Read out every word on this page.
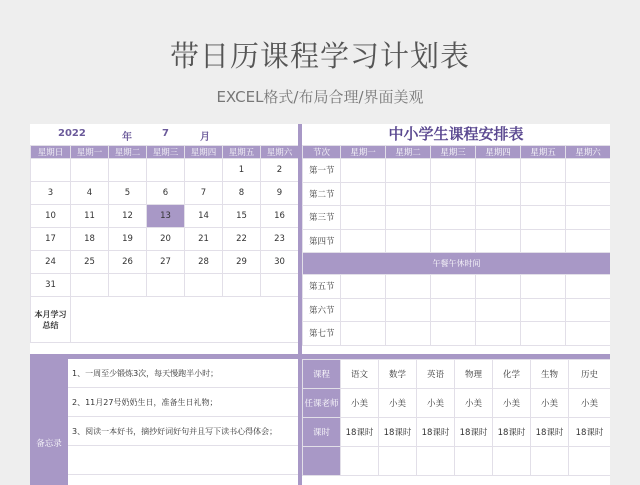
带日历课程学习计划表
EXCEL格式/布局合理/界面美观
2022	年	7	月	中小学生课程安排表
星期日	星期一	星期二	星期三	星期四	星期五	星期六
					1	2
3	4	5	6	7	8	9
10	11	12	13	14	15	16
17	18	19	20	21	22	23
24	25	26	27	28	29	30
31						
本月学习总结						
节次	星期一	星期二	星期三	星期四	星期五	星期六
第一节						
第二节						
第三节						
第四节						
午餐午休时间						
第五节						
第六节						
第七节						
备忘录
1、一周至少锻炼3次，每天慢跑半小时；
2、11月27号奶奶生日，准备生日礼物；
3、阅读一本好书，摘抄好词好句并且写下读书心得体会；
课程	语文	数学	英语	物理	化学	生物	历史
任课老师	小美	小美	小美	小美	小美	小美	小美
课时	18课时	18课时	18课时	18课时	18课时	18课时	18课时
